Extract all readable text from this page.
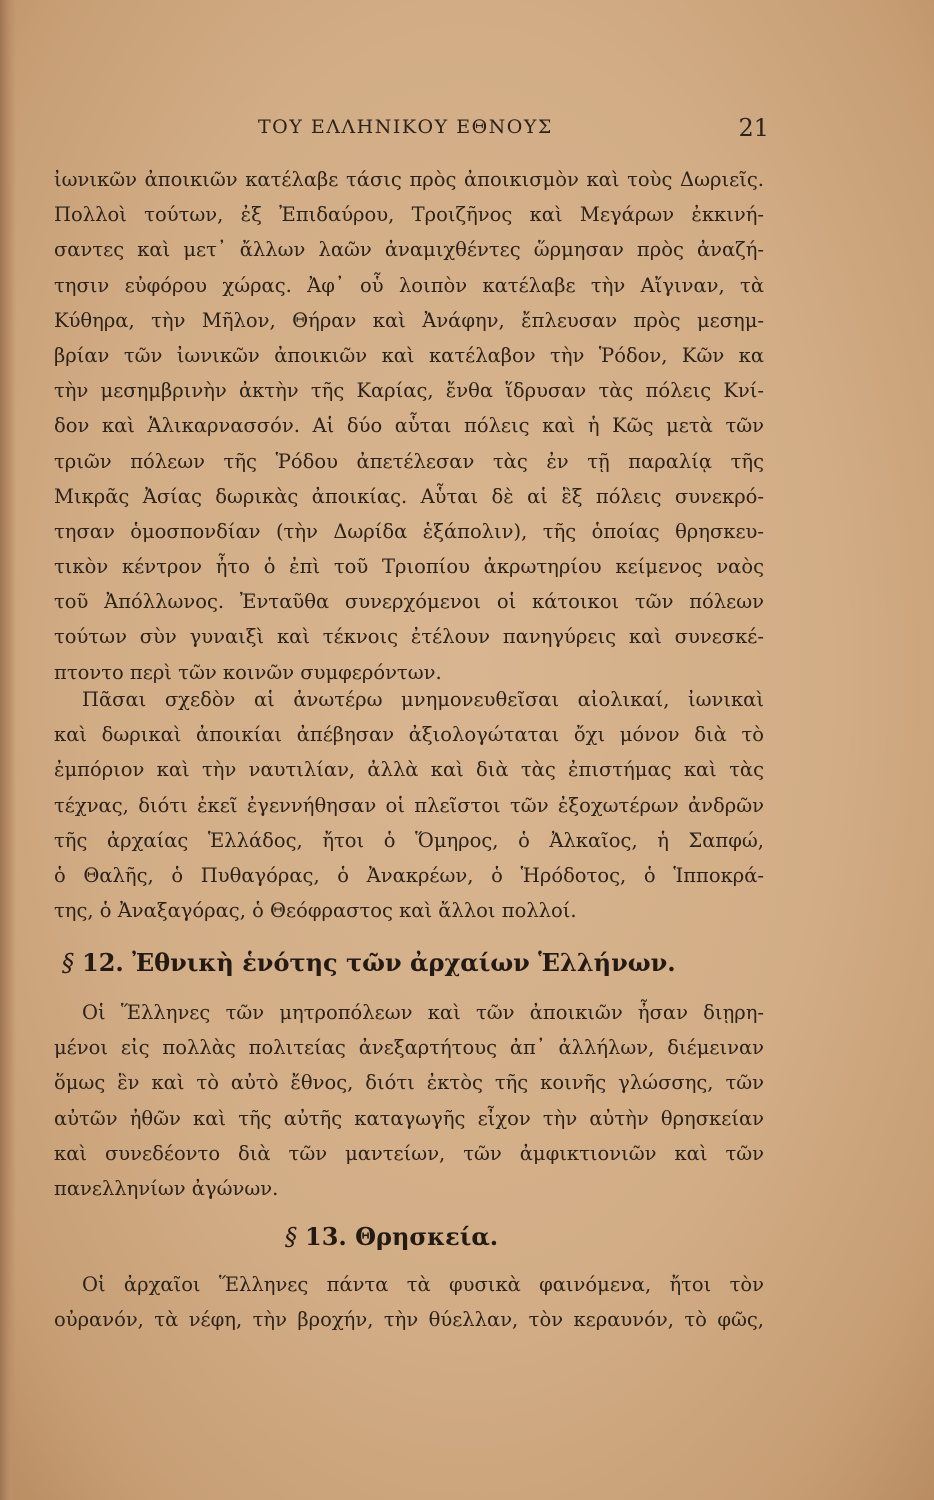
ΤΟΥ ΕΛΛΗΝΙΚΟΥ ΕΘΝΟΥΣ	21
ἰωνικῶν ἀποικιῶν κατέλαβε τάσις πρὸς ἀποικισμὸν καὶ τοὺς Δωριεῖς.
Πολλοὶ τούτων, ἐξ Ἐπιδαύρου, Τροιζῆνος καὶ Μεγάρων ἐκκινή-
σαντες καὶ μετ᾽ ἄλλων λαῶν ἀναμιχθέντες ὥρμησαν πρὸς ἀναζή-
τησιν εὐφόρου χώρας. Ἀφ᾽ οὗ λοιπὸν κατέλαβε τὴν Αἴγιναν, τὰ
Κύθηρα, τὴν Μῆλον, Θήραν καὶ Ἀνάφην, ἔπλευσαν πρὸς μεσημ-
βρίαν τῶν ἰωνικῶν ἀποικιῶν καὶ κατέλαβον τὴν Ῥόδον, Κῶν κα
τὴν μεσημβρινὴν ἀκτὴν τῆς Καρίας, ἔνθα ἵδρυσαν τὰς πόλεις Κνί-
δον καὶ Ἁλικαρνασσόν. Αἱ δύο αὗται πόλεις καὶ ἡ Κῶς μετὰ τῶν
τριῶν πόλεων τῆς Ῥόδου ἀπετέλεσαν τὰς ἐν τῇ παραλίᾳ τῆς
Μικρᾶς Ἀσίας δωρικὰς ἀποικίας. Αὗται δὲ αἱ ἓξ πόλεις συνεκρό-
τησαν ὁμοσπονδίαν (τὴν Δωρίδα ἑξάπολιν), τῆς ὁποίας θρησκευ-
τικὸν κέντρον ἦτο ὁ ἐπὶ τοῦ Τριοπίου ἀκρωτηρίου κείμενος ναὸς
τοῦ Ἀπόλλωνος. Ἐνταῦθα συνερχόμενοι οἱ κάτοικοι τῶν πόλεων
τούτων σὺν γυναιξὶ καὶ τέκνοις ἐτέλουν πανηγύρεις καὶ συνεσκέ-
πτοντο περὶ τῶν κοινῶν συμφερόντων.
Πᾶσαι σχεδὸν αἱ ἀνωτέρω μνημονευθεῖσαι αἰολικαί, ἰωνικαὶ
καὶ δωρικαὶ ἀποικίαι ἀπέβησαν ἀξιολογώταται ὄχι μόνον διὰ τὸ
ἐμπόριον καὶ τὴν ναυτιλίαν, ἀλλὰ καὶ διὰ τὰς ἐπιστήμας καὶ τὰς
τέχνας, διότι ἐκεῖ ἐγεννήθησαν οἱ πλεῖστοι τῶν ἐξοχωτέρων ἀνδρῶν
τῆς ἀρχαίας Ἑλλάδος, ἤτοι ὁ Ὅμηρος, ὁ Ἀλκαῖος, ἡ Σαπφώ,
ὁ Θαλῆς, ὁ Πυθαγόρας, ὁ Ἀνακρέων, ὁ Ἡρόδοτος, ὁ Ἱπποκρά-
της, ὁ Ἀναξαγόρας, ὁ Θεόφραστος καὶ ἄλλοι πολλοί.
§ 12. Ἐθνικὴ ἑνότης τῶν ἀρχαίων Ἑλλήνων.
Οἱ Ἕλληνες τῶν μητροπόλεων καὶ τῶν ἀποικιῶν ἦσαν διῃρη-
μένοι εἰς πολλὰς πολιτείας ἀνεξαρτήτους ἀπ᾽ ἀλλήλων, διέμειναν
ὅμως ἓν καὶ τὸ αὐτὸ ἔθνος, διότι ἐκτὸς τῆς κοινῆς γλώσσης, τῶν
αὐτῶν ἠθῶν καὶ τῆς αὐτῆς καταγωγῆς εἶχον τὴν αὐτὴν θρησκείαν
καὶ συνεδέοντο διὰ τῶν μαντείων, τῶν ἀμφικτιονιῶν καὶ τῶν
πανελληνίων ἀγώνων.
§ 13. Θρησκεία.
Οἱ ἀρχαῖοι Ἕλληνες πάντα τὰ φυσικὰ φαινόμενα, ἤτοι τὸν
οὐρανόν, τὰ νέφη, τὴν βροχήν, τὴν θύελλαν, τὸν κεραυνόν, τὸ φῶς,
